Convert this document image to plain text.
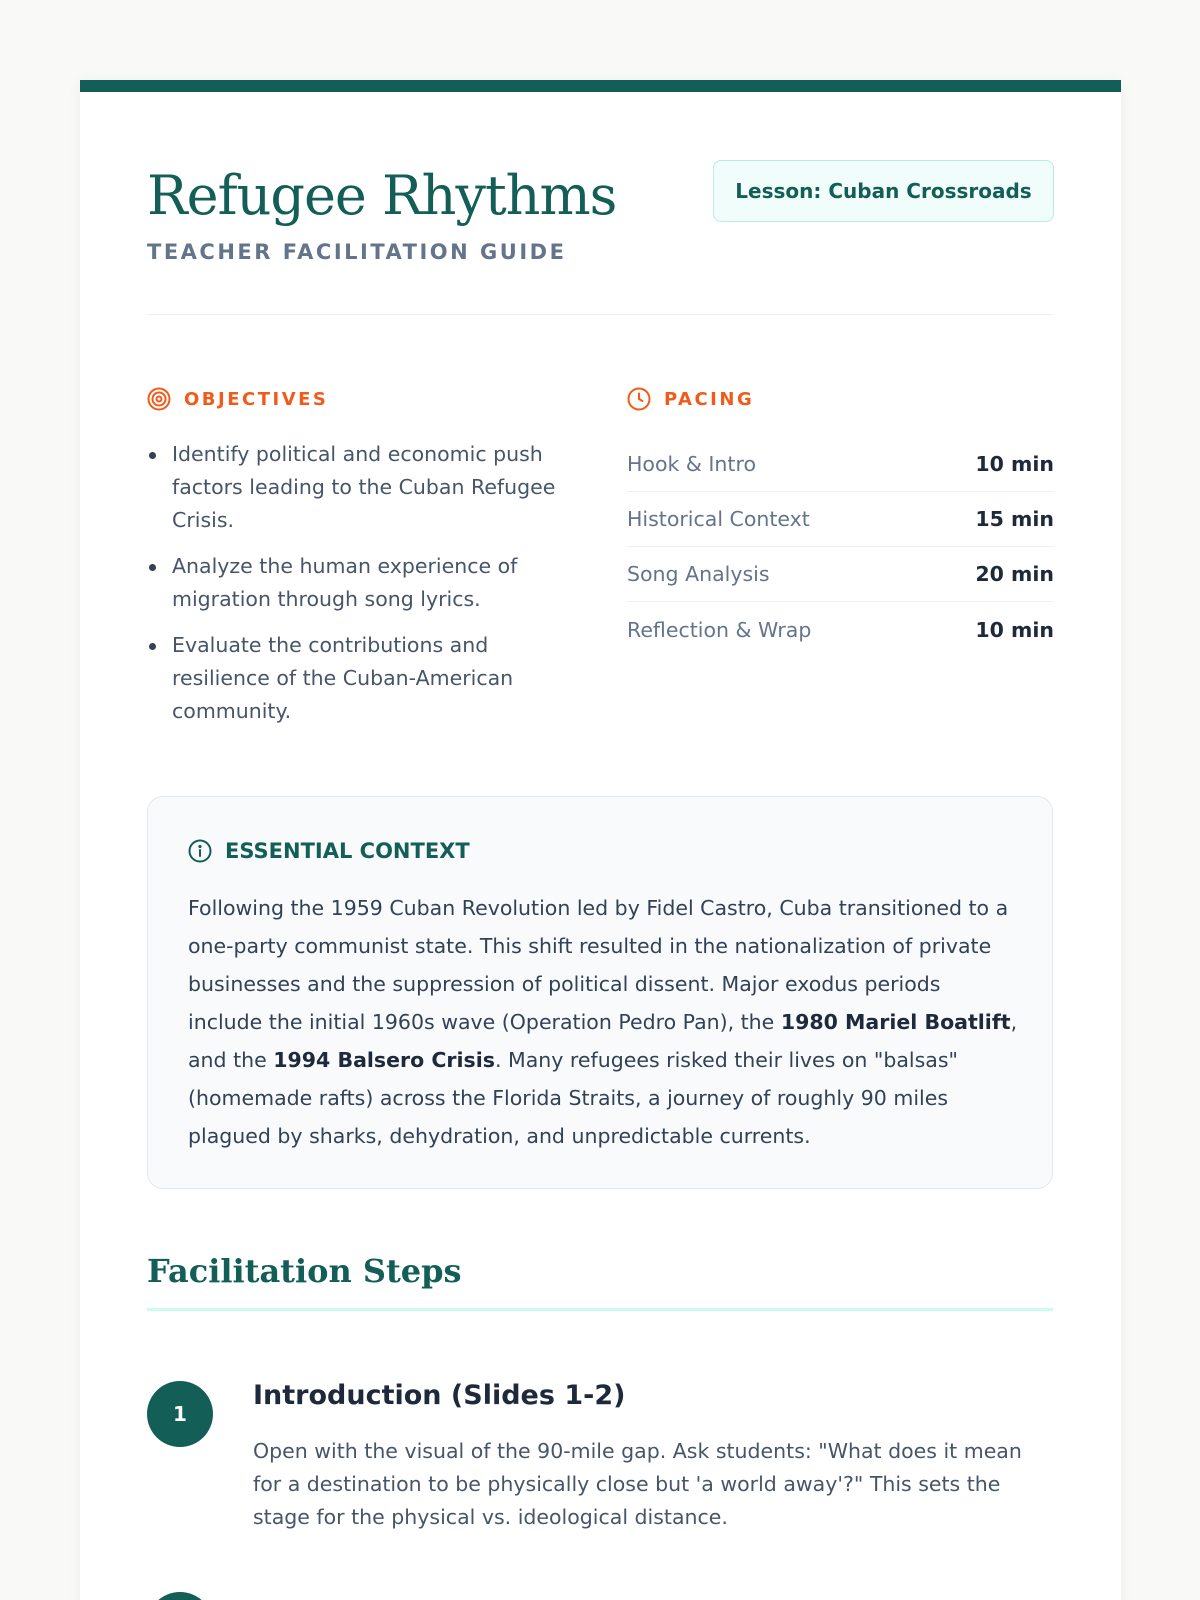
Refugee Rhythms
TEACHER FACILITATION GUIDE
Lesson: Cuban Crossroads
OBJECTIVES
Identify political and economic push factors leading to the Cuban Refugee Crisis.
Analyze the human experience of migration through song lyrics.
Evaluate the contributions and resilience of the Cuban-American community.
PACING
Hook & Intro	10 min
Historical Context	15 min
Song Analysis	20 min
Reflection & Wrap	10 min
ESSENTIAL CONTEXT

Following the 1959 Cuban Revolution led by Fidel Castro, Cuba transitioned to a one-party communist state. This shift resulted in the nationalization of private businesses and the suppression of political dissent. Major exodus periods include the initial 1960s wave (Operation Pedro Pan), the 1980 Mariel Boatlift, and the 1994 Balsero Crisis. Many refugees risked their lives on "balsas" (homemade rafts) across the Florida Straits, a journey of roughly 90 miles plagued by sharks, dehydration, and unpredictable currents.

Facilitation Steps
1
Introduction (Slides 1-2)

Open with the visual of the 90-mile gap. Ask students: "What does it mean for a destination to be physically close but 'a world away'?" This sets the stage for the physical vs. ideological distance.
